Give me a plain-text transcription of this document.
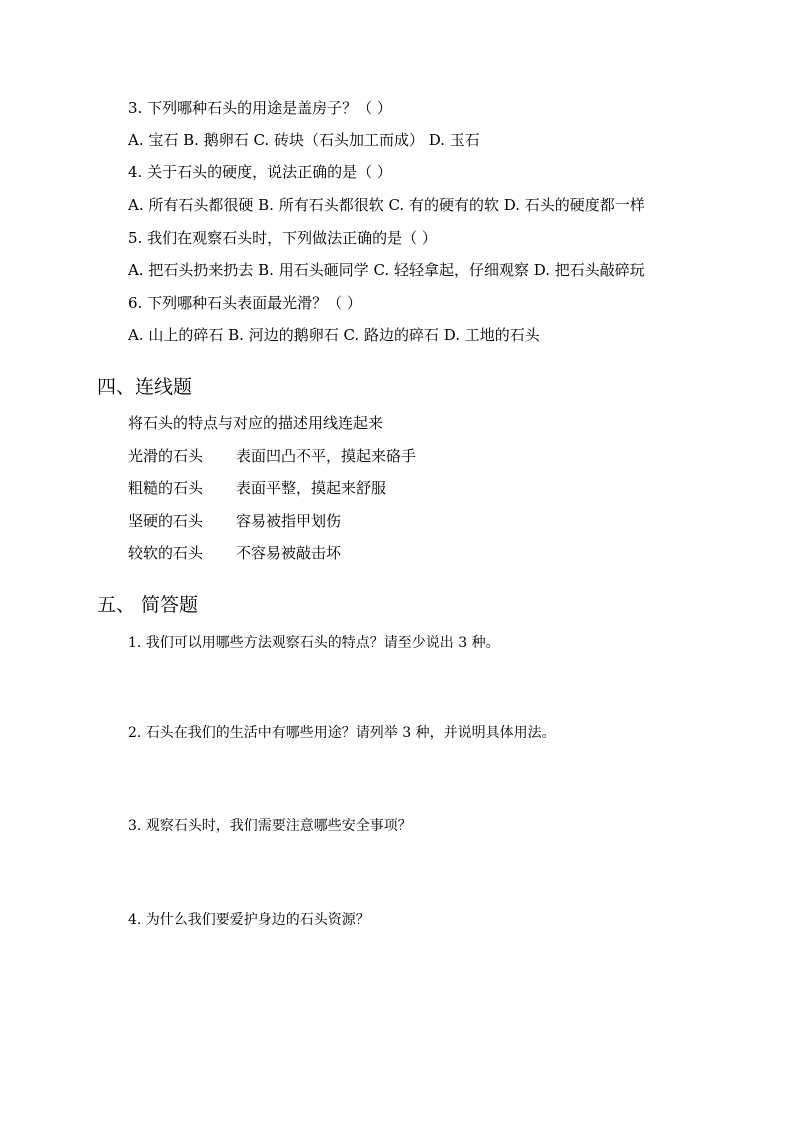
3. 下列哪种石头的用途是盖房子？（ ）
A. 宝石 B. 鹅卵石 C. 砖块（石头加工而成） D. 玉石
4. 关于石头的硬度，说法正确的是（ ）
A. 所有石头都很硬 B. 所有石头都很软 C. 有的硬有的软 D. 石头的硬度都一样
5. 我们在观察石头时，下列做法正确的是（ ）
A. 把石头扔来扔去 B. 用石头砸同学 C. 轻轻拿起，仔细观察 D. 把石头敲碎玩
6. 下列哪种石头表面最光滑？（ ）
A. 山上的碎石 B. 河边的鹅卵石 C. 路边的碎石 D. 工地的石头
四、连线题
将石头的特点与对应的描述用线连起来
光滑的石头 表面凹凸不平，摸起来硌手
粗糙的石头 表面平整，摸起来舒服
坚硬的石头 容易被指甲划伤
较软的石头 不容易被敲击坏
五、 简答题
1. 我们可以用哪些方法观察石头的特点？请至少说出 3 种。
2. 石头在我们的生活中有哪些用途？请列举 3 种，并说明具体用法。
3. 观察石头时，我们需要注意哪些安全事项？
4. 为什么我们要爱护身边的石头资源？
